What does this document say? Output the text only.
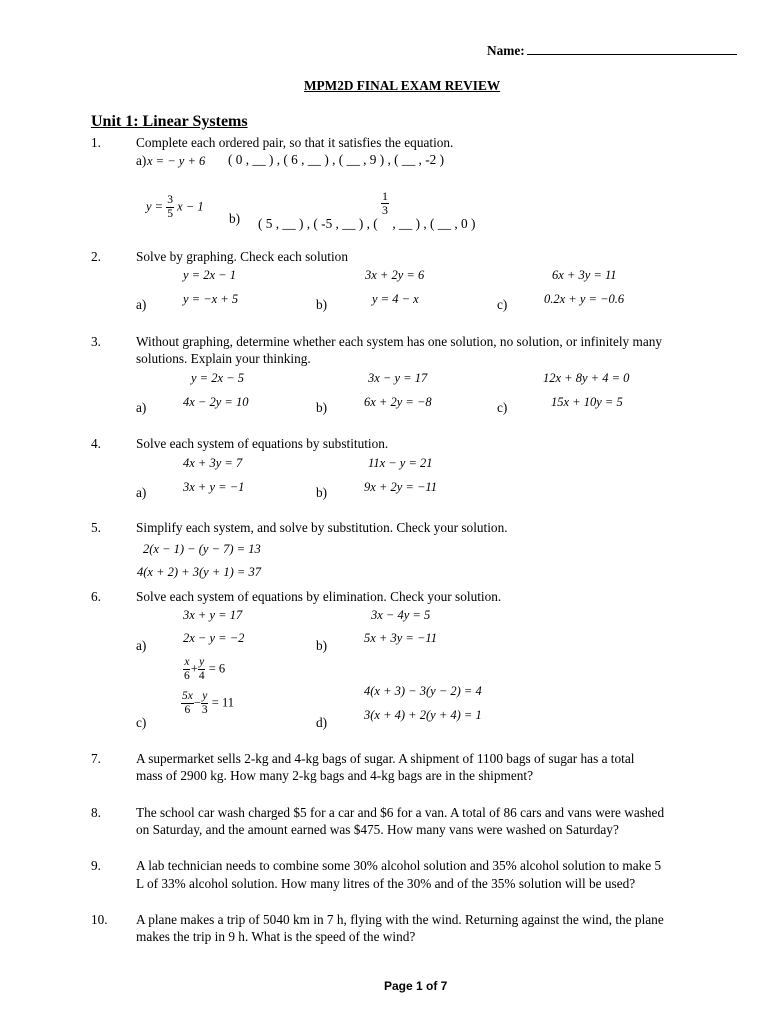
Name:
MPM2D FINAL EXAM REVIEW
Unit 1: Linear Systems
1.	Complete each ordered pair, so that it satisfies the equation.
a) x = − y + 6 ( 0 , __ ) , ( 6 , __ ) , ( __ , 9 ) , ( __ , -2 )
$y = \frac{3}{5}$ x − 1
b) ( 5 , __ ) , ( -5 , __ ) , (
$\frac{1}{3}$
, __ ) , ( __ , 0 )
2.	Solve by graphing. Check each solution
y = 2x − 1
a)	y = −x + 5
3x + 2y = 6
b)	y = 4 − x
6x + 3y = 11
c)	0.2x + y = −0.6
3.	Without graphing, determine whether each system has one solution, no solution, or infinitely many
solutions. Explain your thinking.
y = 2x − 5
a)	4x − 2y = 10
3x − y = 17
b)	6x + 2y = −8
12x + 8y + 4 = 0
c)	15x + 10y = 5
4.	Solve each system of equations by substitution.
4x + 3y = 7
a)	3x + y = −1
11x − y = 21
b)	9x + 2y = −11
5.	Simplify each system, and solve by substitution. Check your solution.
2(x − 1) − (y − 7) = 13
4(x + 2) + 3(y + 1) = 37
6.	Solve each system of equations by elimination. Check your solution.
3x + y = 17
a)	2x − y = −2
3x − 4y = 5
b)	5x + 3y = −11
$\frac{x}{6} + \frac{y}{4} = 6$
$\frac{5x}{6} - \frac{y}{3} = 11$
c)
4(x + 3) − 3(y − 2) = 4
d)	3(x + 4) + 2(y + 4) = 1
7.	A supermarket sells 2-kg and 4-kg bags of sugar. A shipment of 1100 bags of sugar has a total
mass of 2900 kg. How many 2-kg bags and 4-kg bags are in the shipment?
8.	The school car wash charged $5 for a car and $6 for a van. A total of 86 cars and vans were washed
on Saturday, and the amount earned was $475. How many vans were washed on Saturday?
9.	A lab technician needs to combine some 30% alcohol solution and 35% alcohol solution to make 5
L of 33% alcohol solution. How many litres of the 30% and of the 35% solution will be used?
10. A plane makes a trip of 5040 km in 7 h, flying with the wind. Returning against the wind, the plane
makes the trip in 9 h. What is the speed of the wind?
Page 1 of 7
